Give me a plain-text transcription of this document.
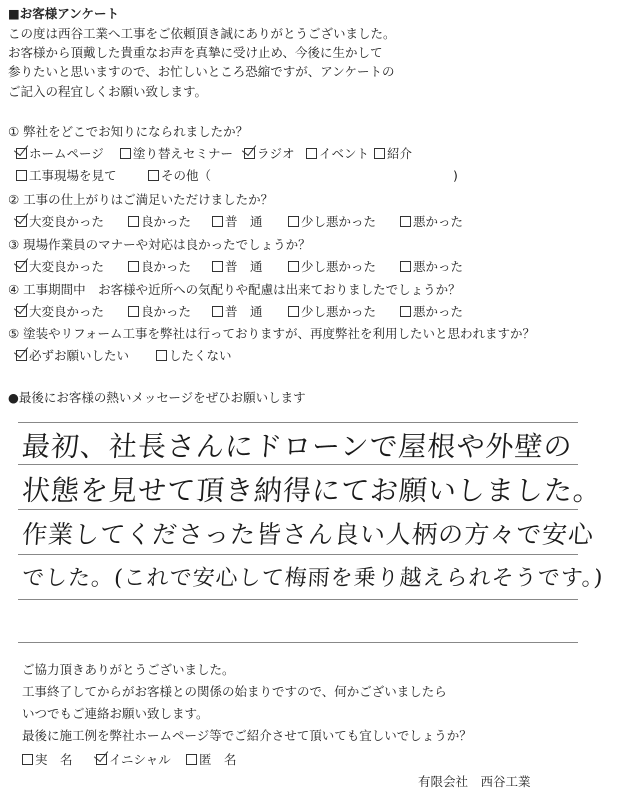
■お客様アンケート
この度は西谷工業へ工事をご依頼頂き誠にありがとうございました。
お客様から頂戴した貴重なお声を真摯に受け止め、今後に生かして
参りたいと思いますので、お忙しいところ恐縮ですが、アンケートの
ご記入の程宜しくお願い致します。
① 弊社をどこでお知りになられましたか？
ホームページ	塗り替えセミナー	ラジオ	イベント	紹介
工事現場を見て	その他（	)
② 工事の仕上がりはご満足いただけましたか？
大変良かった	良かった	普　通	少し悪かった	悪かった
③ 現場作業員のマナーや対応は良かったでしょうか？
大変良かった	良かった	普　通	少し悪かった	悪かった
④ 工事期間中　お客様や近所への気配りや配慮は出来ておりましたでしょうか？
大変良かった	良かった	普　通	少し悪かった	悪かった
⑤ 塗装やリフォーム工事を弊社は行っておりますが、再度弊社を利用したいと思われますか？
必ずお願いしたい	したくない
●最後にお客様の熱いメッセージをぜひお願いします
最初、社長さんにドローンで屋根や外壁の
状態を見せて頂き納得にてお願いしました。
作業してくださった皆さん良い人柄の方々で安心
でした。(これで安心して梅雨を乗り越えられそうです。)
ご協力頂きありがとうございました。
工事終了してからがお客様との関係の始まりですので、何かございましたら
いつでもご連絡お願い致します。
最後に施工例を弊社ホームページ等でご紹介させて頂いても宜しいでしょうか？
実　名	イニシャル	匿　名
有限会社　西谷工業
